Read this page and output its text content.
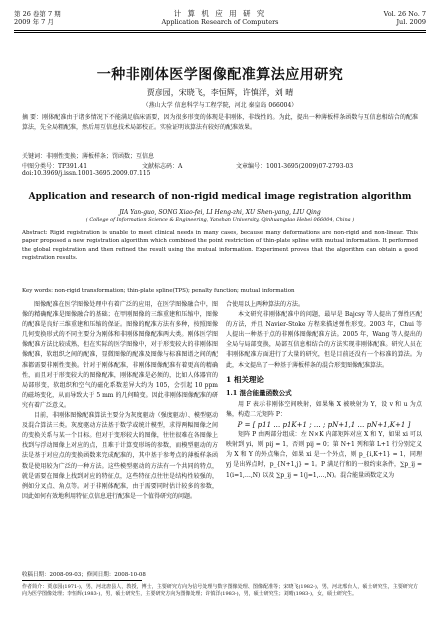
第 26 卷第 7 期
2009 年 7 月
计 算 机 应 用 研 究
Application Research of Computers
Vol. 26 No. 7
Jul. 2009
一种非刚体医学图像配准算法应用研究
贾彦园，宋晓飞，李恒辉，许慎洋，刘 晴
（燕山大学 信息科学与工程学院，河北 秦皇岛 066004）
摘 要：刚体配准由于诸多情况下不能满足临床需要，因为很多形变的体现是非刚体，非线性的。为此，提出一种薄板样条函数与互信息相结合的配准算法，先全局粗配准，然后用互信息技术局部校正。实验证明该算法有较好的配准效果。
关键词：非刚性变换；薄板样条；罚函数；互信息
中图分类号：TP391.41	文献标志码：A	文章编号：1001-3695(2009)07-2793-03
doi:10.3969/j.issn.1001-3695.2009.07.115
Application and research of non-rigid medical image registration algorithm
JIA Yan-guo, SONG Xiao-fei, LI Heng-zhi, XU Shen-yang, LIU Qing
( College of Information Science & Engineering, Yanshan University, Qinhuangdao Hebei 066004, China )
Abstract: Rigid registration is unable to meet clinical needs in many cases, because many deformations are non-rigid and non-linear. This paper proposed a new registration algorithm which combined the point restriction of thin-plate spline with mutual information. It performed the global registration and then refined the result using the mutual information. Experiment proves that the algorithm can obtain a good registration results.
Key words: non-rigid transformation; thin-plate spline(TPS); penalty function; mutual information

图像配准在医学图像处理中有着广泛的应用，在医学图像融合中，图像的精确配准是图像融合的基础；在甲刚图像的三维重建和压缩中，图像的配准是良好三维重建和压缩的保证。图像的配准方法有多种，按照图像几何变换形式的不同主要分为刚体和非刚体图像配准两大类。刚体医学图像配准方法比较成熟，但在实际的医学图像中，对于形变较大的非刚体图像配准，软组织之间的配准，显微图像的配准及图像与标准图谱之间的配准都需要非刚性变换。针对于刚体配准，非刚体图像配准有着更高的精确性，而且对于形变较大的图像配准，刚体配准是必须的，比如人体器官的局部形变，软组织和空气的磁化系数差异大约为 105，会引起 10 ppm 的磁场变化，从而导致大于 5 mm 的几何畸变。因此非刚体图像配准的研究有着广泛意义。

目前，非刚体图像配准算法主要分为灰度驱动（强度驱动）、模型驱动及混合算法三类。灰度驱动方法基于数学或统计模型，求得两幅图像之间的变换关系与某一个目标。但对于变形较大的图像，往往很难在各图像上找到与浮动图像上对应的点，且难于计算变形场的参数，而模型驱动的方法是基于对应点的变换函数来完成配准的，其中基于参考点的薄板样条函数是使用较为广泛的一种方法。这些模型驱动的方法有一个共同的特点，就是需要在图像上找到对应的特征点，这些特征点往往是结构性较强的，例如分叉点、角点等。对于非刚体配准，由于需要同时估计较多的参数，因此如何有效地利用特征点信息进行配准是一个值得研究的问题。

合使用以上两种算法的方法。

本文研究非刚体配准中的问题，最早是 Bajcsy 等人提出了弹性匹配的方法，并且 Navier-Stoke 方程来描述弹性形变。2003 年，Chui 等人提出一种基于点的非刚体图像配准方法。2005 年，Wang 等人提出的全局与局部变换，局部互信息相结合的方法实现非刚体配准。研究人员在非刚体配准方面进行了大量的研究，但是目前还没有一个标准的算法。为此，本文提出了一种基于薄板样条的混合形变图像配准算法。

1 相关理论

1.1 混合能量函数公式

用 F 表示非刚体空间映射，如果集 X 被映射为 Y，设 v 和 u 为点集，构造二元矩阵 P：

P = [ p11 … p1K+1 ; … ; pN+1,1 … pN+1,K+1 ]

矩阵 P 由两部分组成：左 N×K 内部矩阵对应 X 和 Y，如果 xi 可以映射到 yi，则 pij = 1，否则 pij = 0；第 N+1 列和第 L+1 行分别定义为 X 和 Y 的外点集合，如果 xi 是一个外点，则 p_{i,K+1} = 1，同理 yj 是出界点时，p_{N+1,j} = 1。P 满足行和的一般约束条件，∑p_ij = 1(i=1,…,N) 以及 ∑p_ij = 1(j=1,…,N)。混合能量函数定义为

收稿日期：2008-09-03；修回日期：2008-10-08
作者简介：贾彦园(1971-)，男，河北唐县人，教授，博士，主要研究方向为信号处理与数字图像处理、图像配准等；宋晓飞(1982-)，男，河北邢台人，硕士研究生，主要研究方向为医学图像处理；李恒辉(1983-)，男，硕士研究生，主要研究方向为图像处理；许慎洋(1983-)，男，硕士研究生；刘晴(1983-)，女，硕士研究生。
